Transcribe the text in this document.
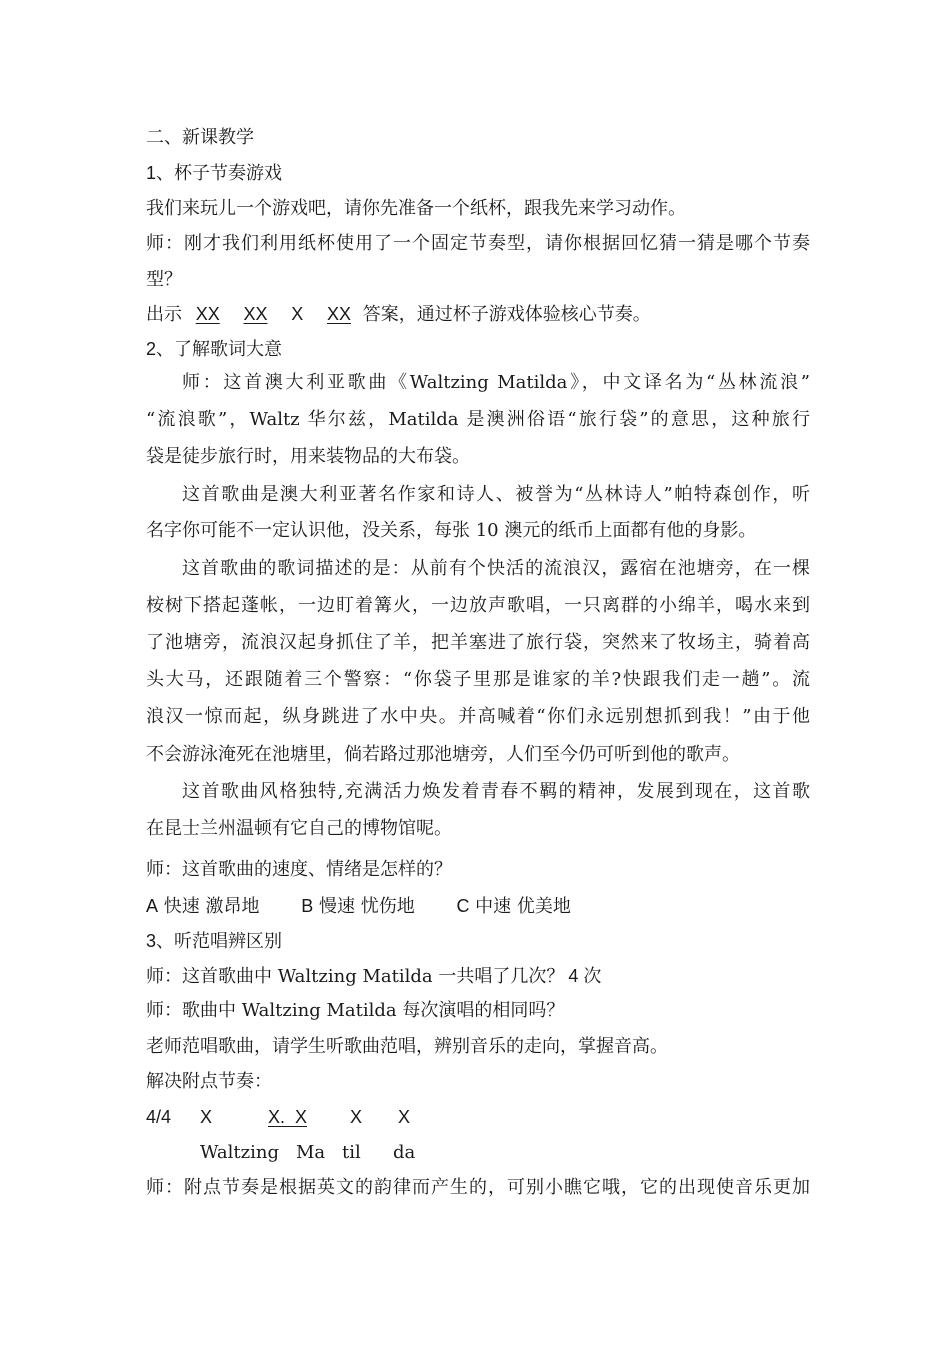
二、新课教学
1、杯子节奏游戏
我们来玩儿一个游戏吧，请你先准备一个纸杯，跟我先来学习动作。
师：刚才我们利用纸杯使用了一个固定节奏型，请你根据回忆猜一猜是哪个节奏
型？
出示 XX XX X XX 答案，通过杯子游戏体验核心节奏。
2、了解歌词大意
师：这首澳大利亚歌曲《Waltzing Matilda》，中文译名为“丛林流浪”
“流浪歌”，Waltz 华尔兹，Matilda 是澳洲俗语“旅行袋”的意思，这种旅行
袋是徒步旅行时，用来装物品的大布袋。
这首歌曲是澳大利亚著名作家和诗人、被誉为“丛林诗人”帕特森创作，听
名字你可能不一定认识他，没关系，每张 10 澳元的纸币上面都有他的身影。
这首歌曲的歌词描述的是：从前有个快活的流浪汉，露宿在池塘旁，在一棵
桉树下搭起蓬帐，一边盯着篝火，一边放声歌唱，一只离群的小绵羊，喝水来到
了池塘旁，流浪汉起身抓住了羊，把羊塞进了旅行袋，突然来了牧场主，骑着高
头大马，还跟随着三个警察：“你袋子里那是谁家的羊?快跟我们走一趟”。流
浪汉一惊而起，纵身跳进了水中央。并高喊着“你们永远别想抓到我！”由于他
不会游泳淹死在池塘里，倘若路过那池塘旁，人们至今仍可听到他的歌声。
这首歌曲风格独特,充满活力焕发着青春不羁的精神，发展到现在，这首歌
在昆士兰州温顿有它自己的博物馆呢。
师：这首歌曲的速度、情绪是怎样的？
A 快速 激昂地 B 慢速 忧伤地 C 中速 优美地
3、听范唱辨区别
师：这首歌曲中 Waltzing Matilda 一共唱了几次？ 4 次
师：歌曲中 Waltzing Matilda 每次演唱的相同吗？
老师范唱歌曲，请学生听歌曲范唱，辨别音乐的走向，掌握音高。
解决附点节奏：
4/4 X	X.  X X X
Waltzing Ma til da
师：附点节奏是根据英文的韵律而产生的，可别小瞧它哦，它的出现使音乐更加
